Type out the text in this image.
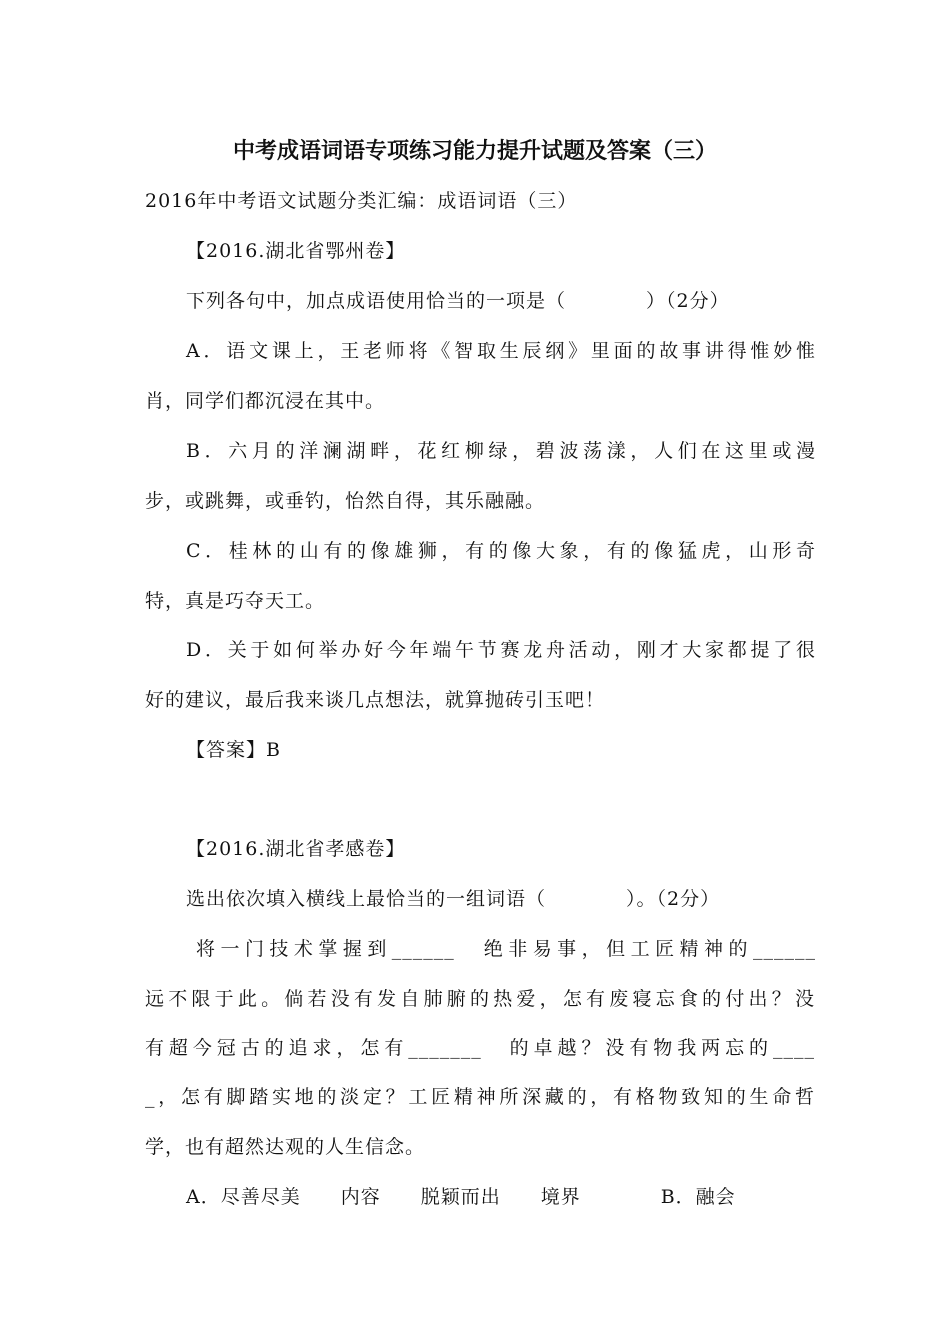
中考成语词语专项练习能力提升试题及答案（三）
2016年中考语文试题分类汇编：成语词语（三）
【2016.湖北省鄂州卷】
下列各句中，加点成语使用恰当的一项是（　　　　）（2分）
A．语文课上，王老师将《智取生辰纲》里面的故事讲得惟妙惟
肖，同学们都沉浸在其中。
B．六月的洋澜湖畔，花红柳绿，碧波荡漾，人们在这里或漫
步，或跳舞，或垂钓，怡然自得，其乐融融。
C．桂林的山有的像雄狮，有的像大象，有的像猛虎，山形奇
特，真是巧夺天工。
D．关于如何举办好今年端午节赛龙舟活动，刚才大家都提了很
好的建议，最后我来谈几点想法，就算抛砖引玉吧！
【答案】B
【2016.湖北省孝感卷】
选出依次填入横线上最恰当的一组词语（　　　　）。（2分）
将一门技术掌握到______　绝非易事，但工匠精神的______
远不限于此。倘若没有发自肺腑的热爱，怎有废寝忘食的付出？没
有超今冠古的追求，怎有_______　的卓越？没有物我两忘的____
_，怎有脚踏实地的淡定？工匠精神所深藏的，有格物致知的生命哲
学，也有超然达观的人生信念。
A．尽善尽美　　内容　　脱颖而出　　境界　　　　B．融会
